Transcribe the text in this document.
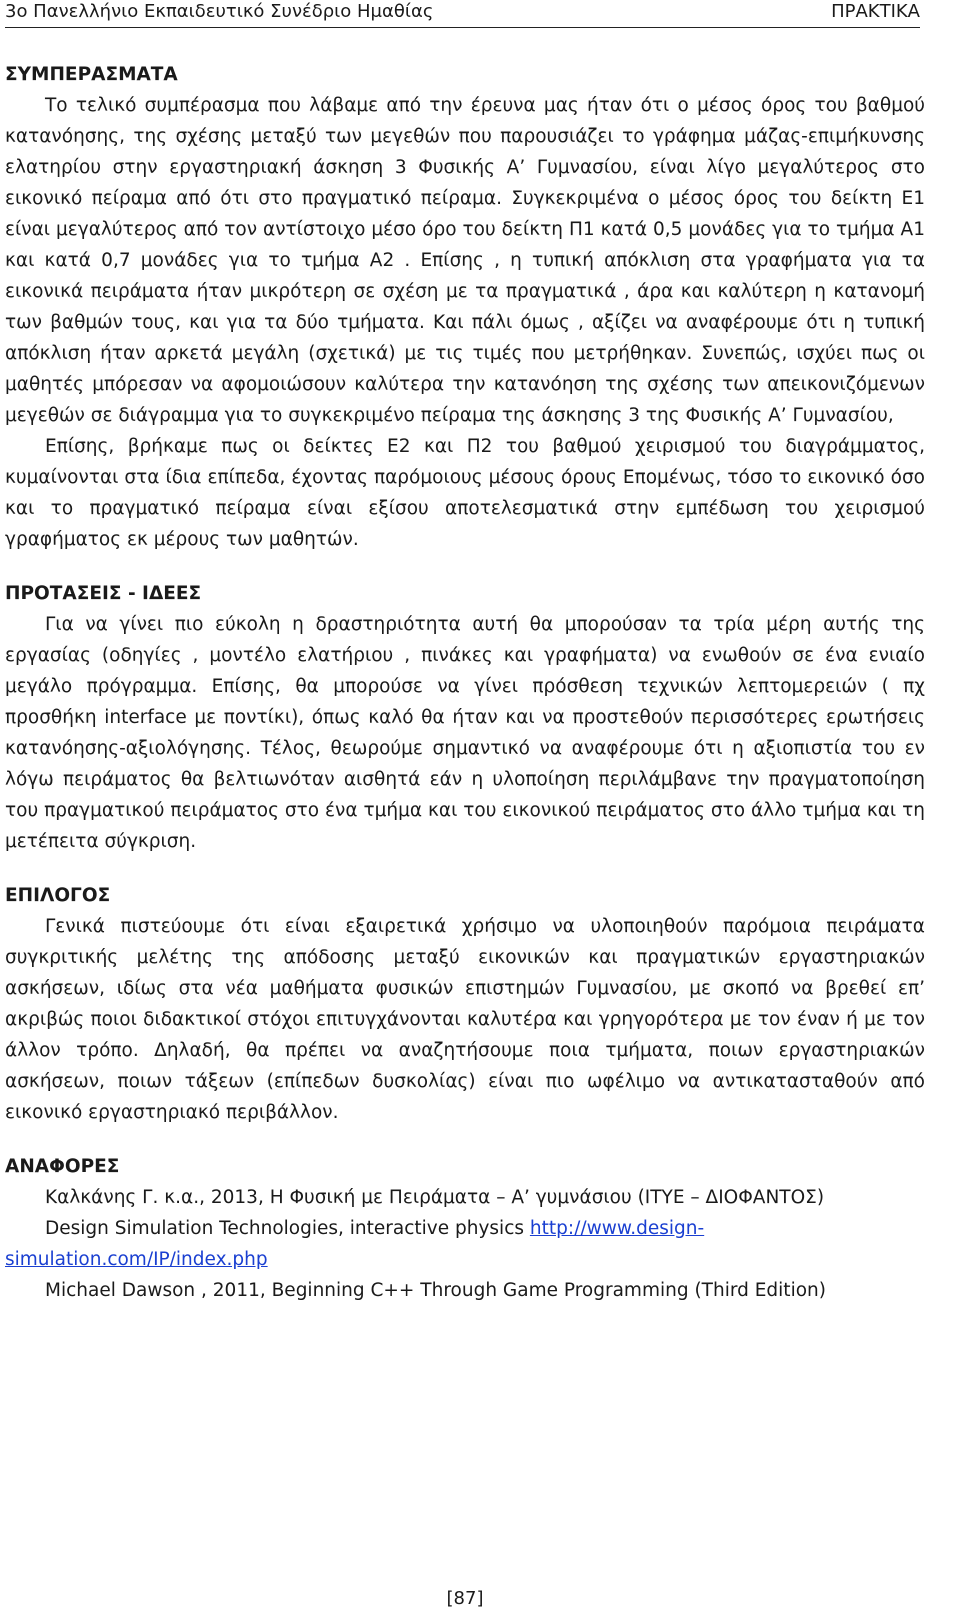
3ο Πανελλήνιο Εκπαιδευτικό Συνέδριο Ημαθίας	ΠΡΑΚΤΙΚΑ
ΣΥΜΠΕΡΑΣΜΑΤΑ

Το τελικό συμπέρασμα που λάβαμε από την έρευνα μας ήταν ότι ο μέσος όρος του βαθμού κατανόησης, της σχέσης μεταξύ των μεγεθών που παρουσιάζει το γράφημα μάζας-επιμήκυνσης ελατηρίου στην εργαστηριακή άσκηση 3 Φυσικής Α’ Γυμνασίου, είναι λίγο μεγαλύτερος στο εικονικό πείραμα από ότι στο πραγματικό πείραμα. Συγκεκριμένα ο μέσος όρος του δείκτη Ε1 είναι μεγαλύτερος από τον αντίστοιχο μέσο όρο του δείκτη Π1 κατά 0,5 μονάδες για το τμήμα Α1 και κατά 0,7 μονάδες για το τμήμα Α2 . Επίσης , η τυπική απόκλιση στα γραφήματα για τα εικονικά πειράματα ήταν μικρότερη σε σχέση με τα πραγματικά , άρα και καλύτερη η κατανομή των βαθμών τους, και για τα δύο τμήματα. Και πάλι όμως , αξίζει να αναφέρουμε ότι η τυπική απόκλιση ήταν αρκετά μεγάλη (σχετικά) με τις τιμές που μετρήθηκαν. Συνεπώς, ισχύει πως οι μαθητές μπόρεσαν να αφομοιώσουν καλύτερα την κατανόηση της σχέσης των απεικονιζόμενων μεγεθών σε διάγραμμα για το συγκεκριμένο πείραμα της άσκησης 3 της Φυσικής Α’ Γυμνασίου,

Επίσης, βρήκαμε πως οι δείκτες Ε2 και Π2 του βαθμού χειρισμού του διαγράμματος, κυμαίνονται στα ίδια επίπεδα, έχοντας παρόμοιους μέσους όρους Επομένως, τόσο το εικονικό όσο και το πραγματικό πείραμα είναι εξίσου αποτελεσματικά στην εμπέδωση του χειρισμού γραφήματος εκ μέρους των μαθητών.

ΠΡΟΤΑΣΕΙΣ - ΙΔΕΕΣ

Για να γίνει πιο εύκολη η δραστηριότητα αυτή θα μπορούσαν τα τρία μέρη αυτής της εργασίας (οδηγίες , μοντέλο ελατήριου , πινάκες και γραφήματα) να ενωθούν σε ένα ενιαίο μεγάλο πρόγραμμα. Επίσης, θα μπορούσε να γίνει πρόσθεση τεχνικών λεπτομερειών ( πχ προσθήκη interface με ποντίκι), όπως καλό θα ήταν και να προστεθούν περισσότερες ερωτήσεις κατανόησης-αξιολόγησης. Τέλος, θεωρούμε σημαντικό να αναφέρουμε ότι η αξιοπιστία του εν λόγω πειράματος θα βελτιωνόταν αισθητά εάν η υλοποίηση περιλάμβανε την πραγματοποίηση του πραγματικού πειράματος στο ένα τμήμα και του εικονικού πειράματος στο άλλο τμήμα και τη μετέπειτα σύγκριση.

ΕΠΙΛΟΓΟΣ

Γενικά πιστεύουμε ότι είναι εξαιρετικά χρήσιμο να υλοποιηθούν παρόμοια πειράματα συγκριτικής μελέτης της απόδοσης μεταξύ εικονικών και πραγματικών εργαστηριακών ασκήσεων, ιδίως στα νέα μαθήματα φυσικών επιστημών Γυμνασίου, με σκοπό να βρεθεί επ’ ακριβώς ποιοι διδακτικοί στόχοι επιτυγχάνονται καλυτέρα και γρηγορότερα με τον έναν ή με τον άλλον τρόπο. Δηλαδή, θα πρέπει να αναζητήσουμε ποια τμήματα, ποιων εργαστηριακών ασκήσεων, ποιων τάξεων (επίπεδων δυσκολίας) είναι πιο ωφέλιμο να αντικατασταθούν από εικονικό εργαστηριακό περιβάλλον.

ΑΝΑΦΟΡΕΣ

Καλκάνης Γ. κ.α., 2013, Η Φυσική με Πειράματα – Α’ γυμνάσιου (ΙΤΥΕ – ΔΙΟΦΑΝΤΟΣ)

Design Simulation Technologies, interactive physics http://www.design-simulation.com/IP/index.php

Michael Dawson , 2011, Beginning C++ Through Game Programming (Third Edition)

[87]
